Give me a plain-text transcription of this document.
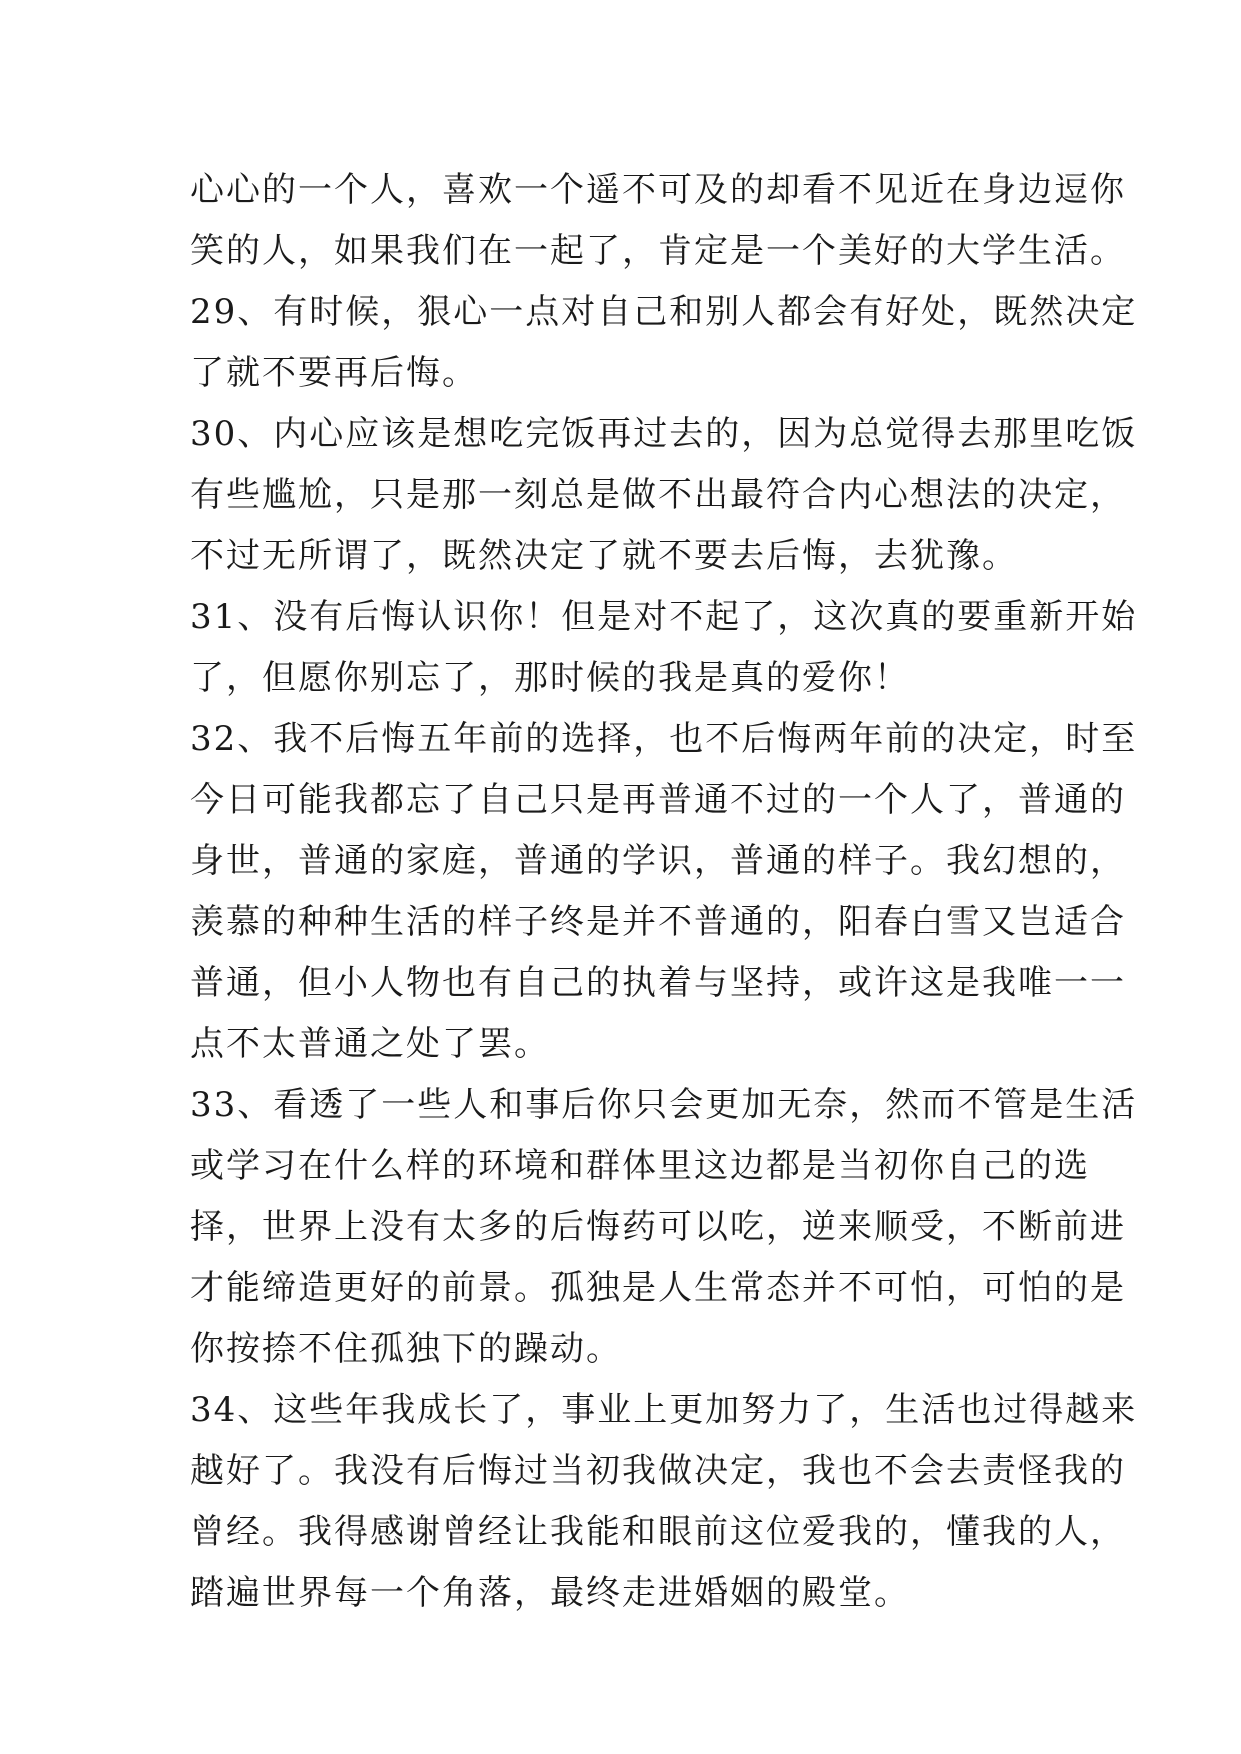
心心的一个人，喜欢一个遥不可及的却看不见近在身边逗你
笑的人，如果我们在一起了，肯定是一个美好的大学生活。
29、有时候，狠心一点对自己和别人都会有好处，既然决定
了就不要再后悔。
30、内心应该是想吃完饭再过去的，因为总觉得去那里吃饭
有些尴尬，只是那一刻总是做不出最符合内心想法的决定，
不过无所谓了，既然决定了就不要去后悔，去犹豫。
31、没有后悔认识你！但是对不起了，这次真的要重新开始
了，但愿你别忘了，那时候的我是真的爱你！
32、我不后悔五年前的选择，也不后悔两年前的决定，时至
今日可能我都忘了自己只是再普通不过的一个人了，普通的
身世，普通的家庭，普通的学识，普通的样子。我幻想的，
羡慕的种种生活的样子终是并不普通的，阳春白雪又岂适合
普通，但小人物也有自己的执着与坚持，或许这是我唯一一
点不太普通之处了罢。
33、看透了一些人和事后你只会更加无奈，然而不管是生活
或学习在什么样的环境和群体里这边都是当初你自己的选
择，世界上没有太多的后悔药可以吃，逆来顺受，不断前进
才能缔造更好的前景。孤独是人生常态并不可怕，可怕的是
你按捺不住孤独下的躁动。
34、这些年我成长了，事业上更加努力了，生活也过得越来
越好了。我没有后悔过当初我做决定，我也不会去责怪我的
曾经。我得感谢曾经让我能和眼前这位爱我的，懂我的人，
踏遍世界每一个角落，最终走进婚姻的殿堂。
